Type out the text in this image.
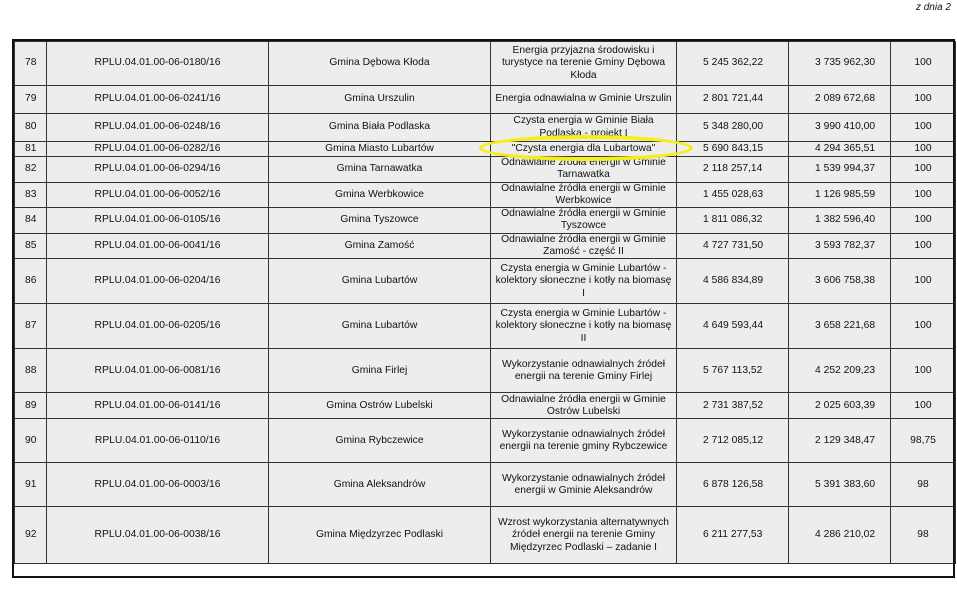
z dnia 2
78	RPLU.04.01.00-06-0180/16	Gmina Dębowa Kłoda	Energia przyjazna środowisku i turystyce na terenie Gminy Dębowa Kłoda	5 245 362,22	3 735 962,30	100
79	RPLU.04.01.00-06-0241/16	Gmina Urszulin	Energia odnawialna w Gminie Urszulin	2 801 721,44	2 089 672,68	100
80	RPLU.04.01.00-06-0248/16	Gmina Biała Podlaska	Czysta energia w Gminie Biała Podlaska - projekt I	5 348 280,00	3 990 410,00	100
81	RPLU.04.01.00-06-0282/16	Gmina Miasto Lubartów	"Czysta energia dla Lubartowa"	5 690 843,15	4 294 365,51	100
82	RPLU.04.01.00-06-0294/16	Gmina Tarnawatka	Odnawialne źródła energii w Gminie Tarnawatka	2 118 257,14	1 539 994,37	100
83	RPLU.04.01.00-06-0052/16	Gmina Werbkowice	Odnawialne źródła energii w Gminie Werbkowice	1 455 028,63	1 126 985,59	100
84	RPLU.04.01.00-06-0105/16	Gmina Tyszowce	Odnawialne źródła energii w Gminie Tyszowce	1 811 086,32	1 382 596,40	100
85	RPLU.04.01.00-06-0041/16	Gmina Zamość	Odnawialne źródła energii w Gminie Zamość - część II	4 727 731,50	3 593 782,37	100
86	RPLU.04.01.00-06-0204/16	Gmina Lubartów	Czysta energia w Gminie Lubartów - kolektory słoneczne i kotły na biomasę I	4 586 834,89	3 606 758,38	100
87	RPLU.04.01.00-06-0205/16	Gmina Lubartów	Czysta energia w Gminie Lubartów - kolektory słoneczne i kotły na biomasę II	4 649 593,44	3 658 221,68	100
88	RPLU.04.01.00-06-0081/16	Gmina Firlej	Wykorzystanie odnawialnych źródeł energii na terenie Gminy Firlej	5 767 113,52	4 252 209,23	100
89	RPLU.04.01.00-06-0141/16	Gmina Ostrów Lubelski	Odnawialne źródła energii w Gminie Ostrów Lubelski	2 731 387,52	2 025 603,39	100
90	RPLU.04.01.00-06-0110/16	Gmina Rybczewice	Wykorzystanie odnawialnych źródeł energii na terenie gminy Rybczewice	2 712 085,12	2 129 348,47	98,75
91	RPLU.04.01.00-06-0003/16	Gmina Aleksandrów	Wykorzystanie odnawialnych źródeł energii w Gminie Aleksandrów	6 878 126,58	5 391 383,60	98
92	RPLU.04.01.00-06-0038/16	Gmina Międzyrzec Podlaski	Wzrost wykorzystania alternatywnych źródeł energii na terenie Gminy Międzyrzec Podlaski – zadanie I	6 211 277,53	4 286 210,02	98
